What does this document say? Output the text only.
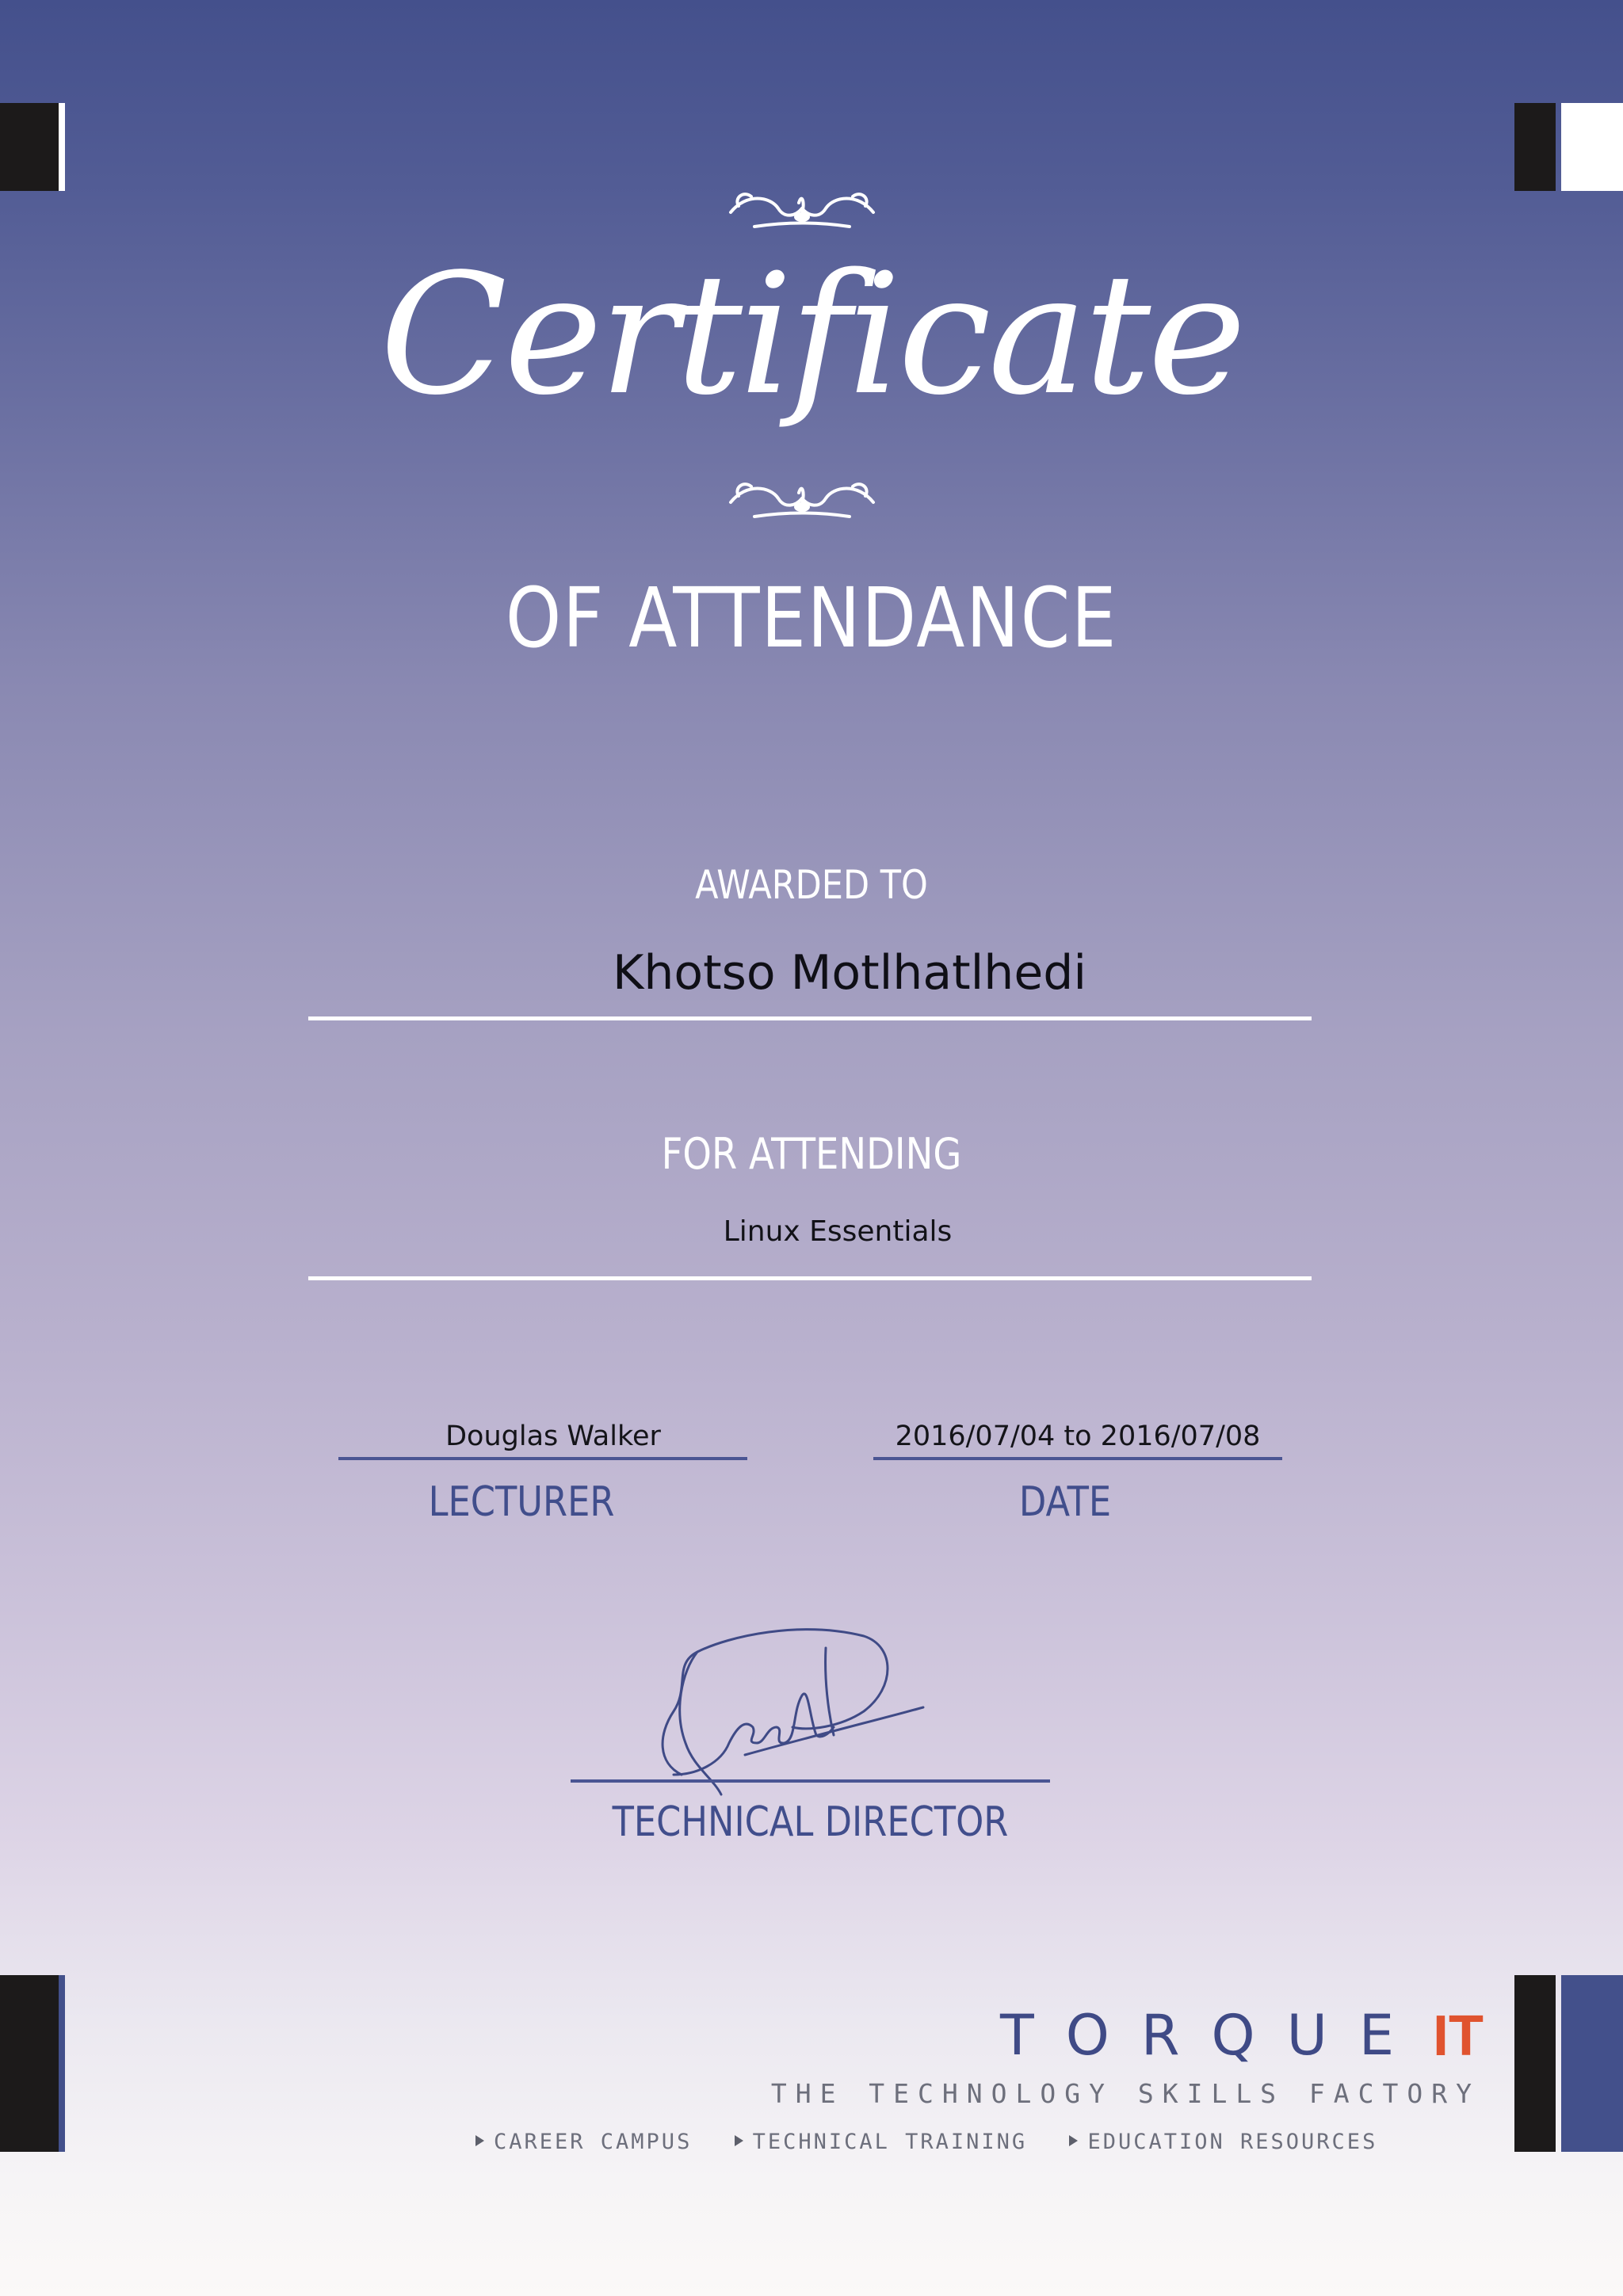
Certificate
OF ATTENDANCE
AWARDED TO
Khotso Motlhatlhedi
FOR ATTENDING
Linux Essentials
Douglas Walker
LECTURER
2016/07/04 to 2016/07/08
DATE
TECHNICAL DIRECTOR
TORQUE IT
THE TECHNOLOGY SKILLS FACTORY
CAREER CAMPUS	TECHNICAL TRAINING	EDUCATION RESOURCES
